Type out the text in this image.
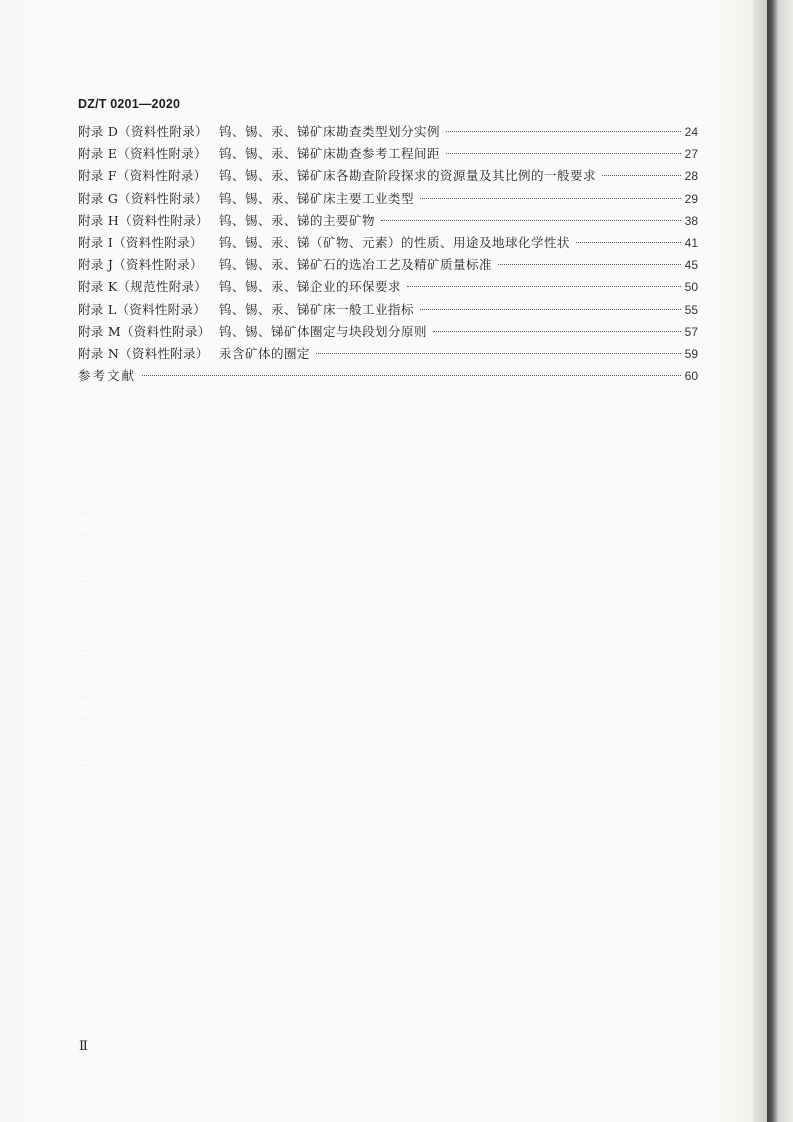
DZ/T 0201—2020
附录 D（资料性附录） 钨、锡、汞、锑矿床勘查类型划分实例	24
附录 E（资料性附录） 钨、锡、汞、锑矿床勘查参考工程间距	27
附录 F（资料性附录）	钨、锡、汞、锑矿床各勘查阶段探求的资源量及其比例的一般要求	28
附录 G（资料性附录） 钨、锡、汞、锑矿床主要工业类型	29
附录 H（资料性附录） 钨、锡、汞、锑的主要矿物	38
附录 I（资料性附录）	钨、锡、汞、锑（矿物、元素）的性质、用途及地球化学性状	41
附录 J（资料性附录）	钨、锡、汞、锑矿石的选冶工艺及精矿质量标准	45
附录 K（规范性附录） 钨、锡、汞、锑企业的环保要求	50
附录 L（资料性附录）	钨、锡、汞、锑矿床一般工业指标	55
附录 M（资料性附录） 钨、锡、锑矿体圈定与块段划分原则	57
附录 N（资料性附录） 汞含矿体的圈定	59
参考文献	60
Ⅱ
